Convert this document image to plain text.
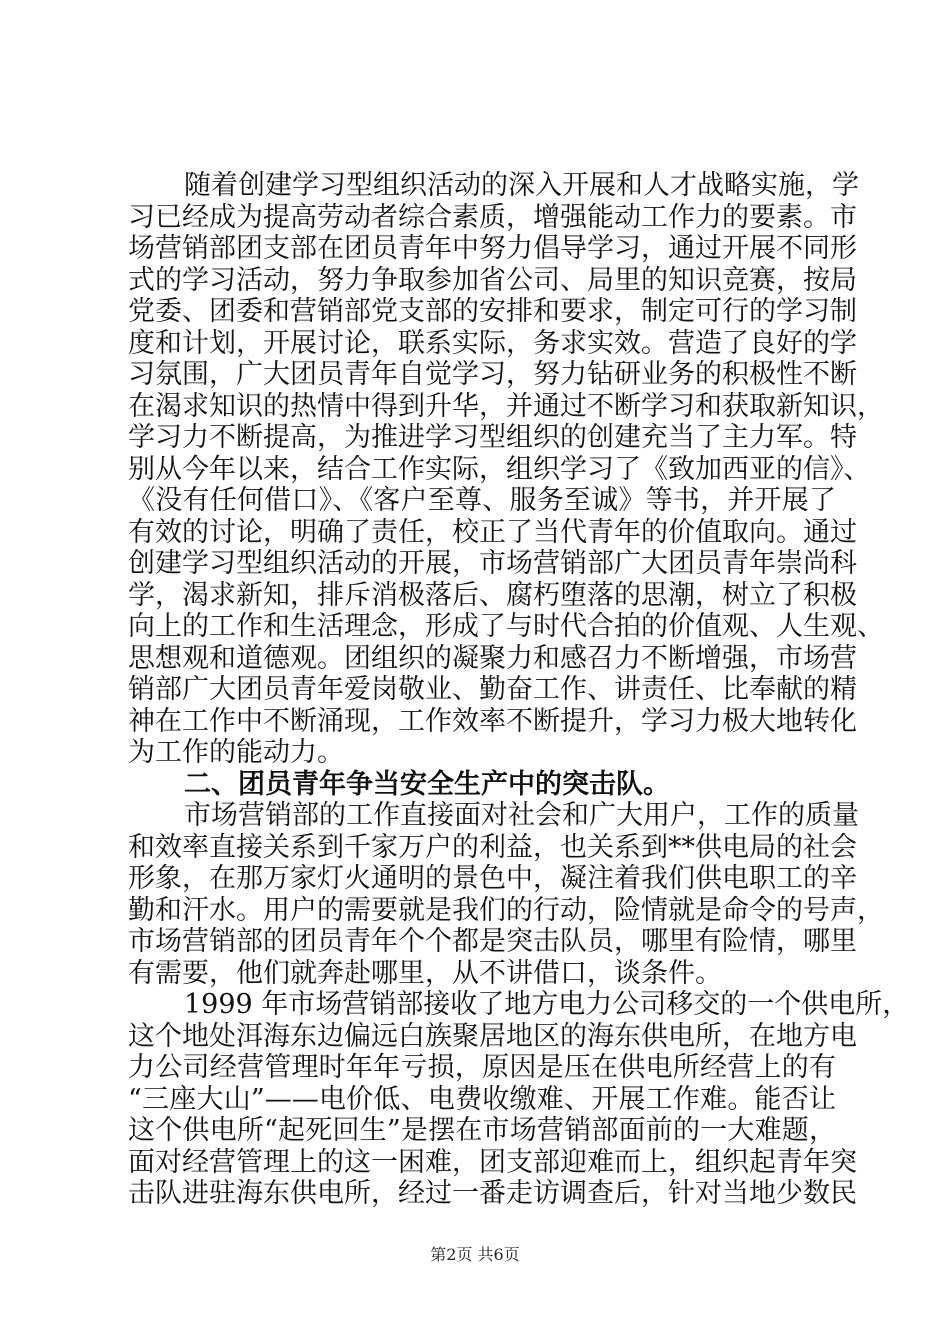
随着创建学习型组织活动的深入开展和人才战略实施，学
习已经成为提高劳动者综合素质，增强能动工作力的要素。市
场营销部团支部在团员青年中努力倡导学习，通过开展不同形
式的学习活动，努力争取参加省公司、局里的知识竞赛，按局
党委、团委和营销部党支部的安排和要求，制定可行的学习制
度和计划，开展讨论，联系实际，务求实效。营造了良好的学
习氛围，广大团员青年自觉学习，努力钻研业务的积极性不断
在渴求知识的热情中得到升华，并通过不断学习和获取新知识，
学习力不断提高，为推进学习型组织的创建充当了主力军。特
别从今年以来，结合工作实际，组织学习了《致加西亚的信》、
《没有任何借口》、《客户至尊、服务至诚》等书，并开展了
有效的讨论，明确了责任，校正了当代青年的价值取向。通过
创建学习型组织活动的开展，市场营销部广大团员青年崇尚科
学，渴求新知，排斥消极落后、腐朽堕落的思潮，树立了积极
向上的工作和生活理念，形成了与时代合拍的价值观、人生观、
思想观和道德观。团组织的凝聚力和感召力不断增强，市场营
销部广大团员青年爱岗敬业、勤奋工作、讲责任、比奉献的精
神在工作中不断涌现，工作效率不断提升，学习力极大地转化
为工作的能动力。
二、团员青年争当安全生产中的突击队。
市场营销部的工作直接面对社会和广大用户，工作的质量
和效率直接关系到千家万户的利益，也关系到**供电局的社会
形象，在那万家灯火通明的景色中，凝注着我们供电职工的辛
勤和汗水。用户的需要就是我们的行动，险情就是命令的号声，
市场营销部的团员青年个个都是突击队员，哪里有险情，哪里
有需要，他们就奔赴哪里，从不讲借口，谈条件。
1999 年市场营销部接收了地方电力公司移交的一个供电所，
这个地处洱海东边偏远白族聚居地区的海东供电所，在地方电
力公司经营管理时年年亏损，原因是压在供电所经营上的有
“三座大山”——电价低、电费收缴难、开展工作难。能否让
这个供电所“起死回生”是摆在市场营销部面前的一大难题，
面对经营管理上的这一困难，团支部迎难而上，组织起青年突
击队进驻海东供电所，经过一番走访调查后，针对当地少数民
第2页 共6页
